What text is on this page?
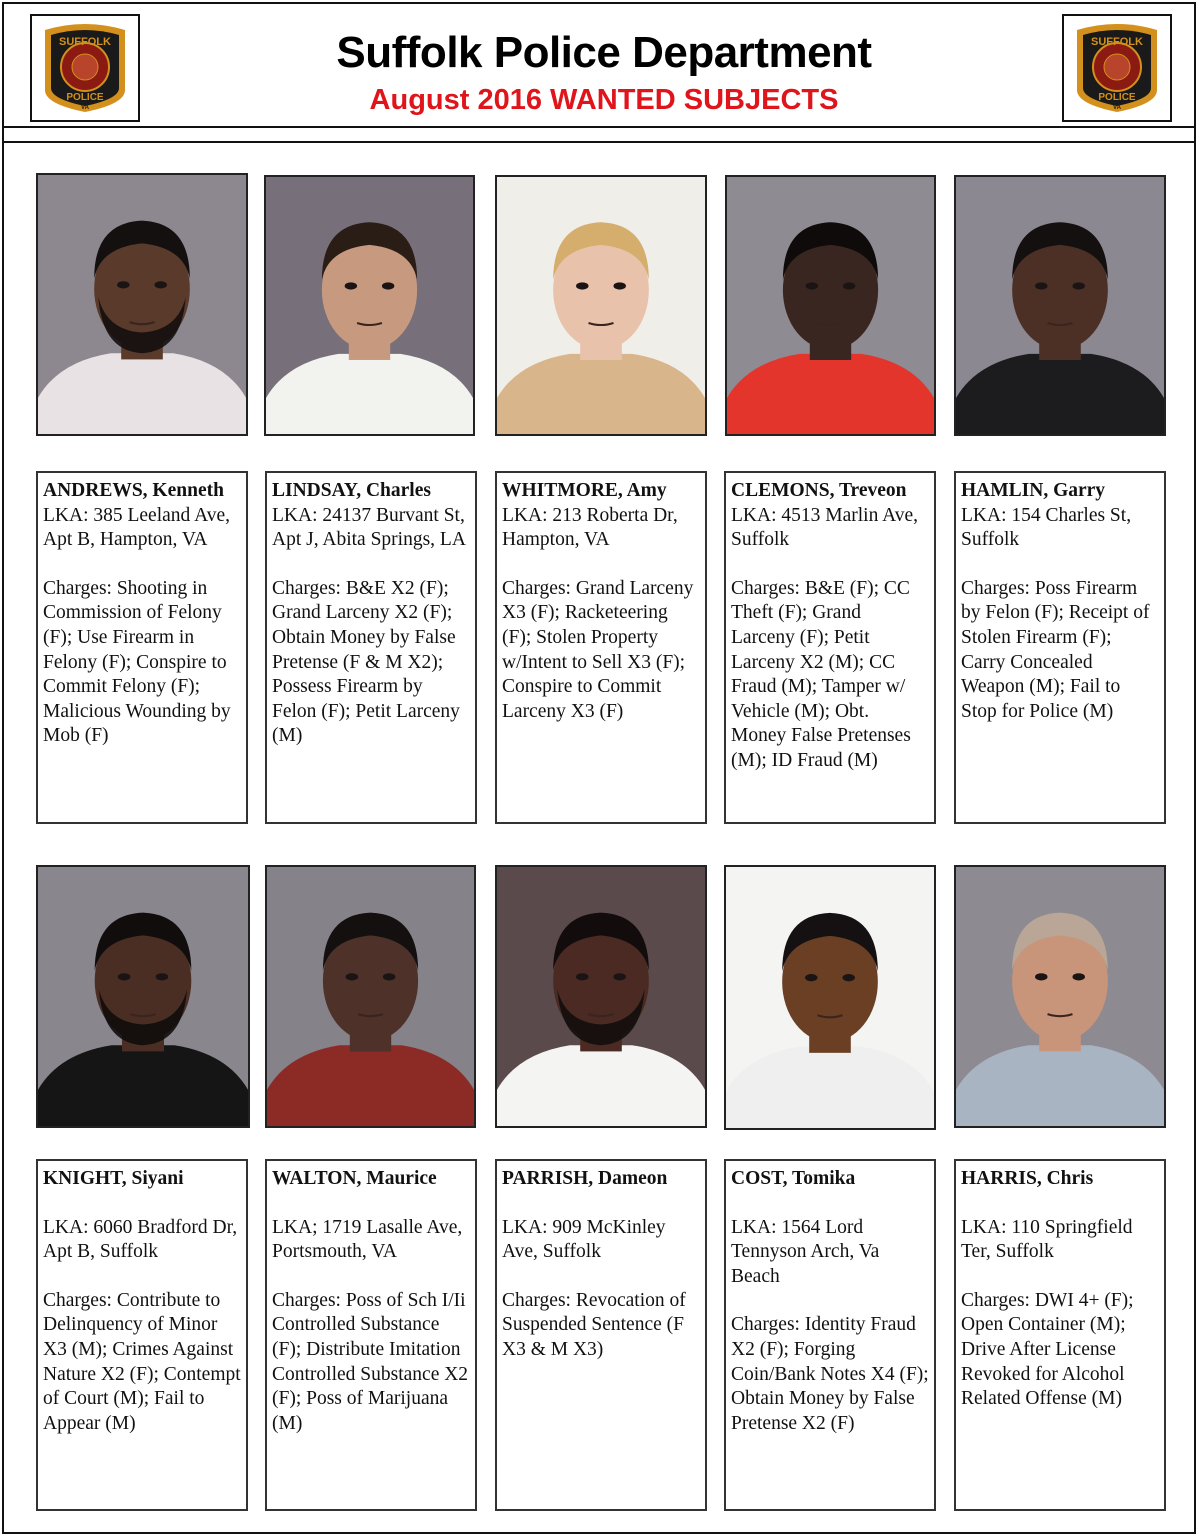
SUFFOLK
POLICE
VA
Suffolk Police Department
August 2016 WANTED SUBJECTS
SUFFOLK
POLICE
VA
ANDREWS, Kenneth
LKA: 385 Leeland Ave, Apt B, Hampton, VA
Charges: Shooting in Commission of Felony (F); Use Firearm in Felony (F); Conspire to Commit Felony (F); Malicious Wounding by Mob (F)
LINDSAY, Charles
LKA: 24137 Burvant St, Apt J, Abita Springs, LA
Charges: B&E X2 (F); Grand Larceny X2 (F); Obtain Money by False Pretense (F & M X2); Possess Firearm by Felon (F); Petit Larceny (M)
WHITMORE, Amy
LKA: 213 Roberta Dr, Hampton, VA
Charges: Grand Larceny X3 (F); Racketeering (F); Stolen Property w/Intent to Sell X3 (F); Conspire to Commit Larceny X3 (F)
CLEMONS, Treveon
LKA: 4513 Marlin Ave, Suffolk
Charges: B&E (F); CC Theft (F); Grand Larceny (F); Petit Larceny X2 (M); CC Fraud (M); Tamper w/ Vehicle (M); Obt. Money False Pretenses (M); ID Fraud (M)
HAMLIN, Garry
LKA: 154 Charles St, Suffolk
Charges: Poss Firearm by Felon (F); Receipt of Stolen Firearm (F); Carry Concealed Weapon (M); Fail to Stop for Police (M)
KNIGHT, Siyani
LKA: 6060 Bradford Dr, Apt B, Suffolk
Charges: Contribute to Delinquency of Minor X3 (M); Crimes Against Nature X2 (F); Contempt of Court (M); Fail to Appear (M)
WALTON, Maurice
LKA; 1719 Lasalle Ave, Portsmouth, VA
Charges: Poss of Sch I/Ii Controlled Substance (F); Distribute Imitation Controlled Substance X2 (F); Poss of Marijuana (M)
PARRISH, Dameon
LKA: 909 McKinley Ave, Suffolk
Charges: Revocation of Suspended Sentence (F X3 & M X3)
COST, Tomika
LKA: 1564 Lord Tennyson Arch, Va Beach
Charges: Identity Fraud X2 (F); Forging Coin/Bank Notes X4 (F); Obtain Money by False Pretense X2 (F)
HARRIS, Chris
LKA: 110 Springfield Ter, Suffolk
Charges: DWI 4+ (F); Open Container (M); Drive After License Revoked for Alcohol Related Offense (M)
